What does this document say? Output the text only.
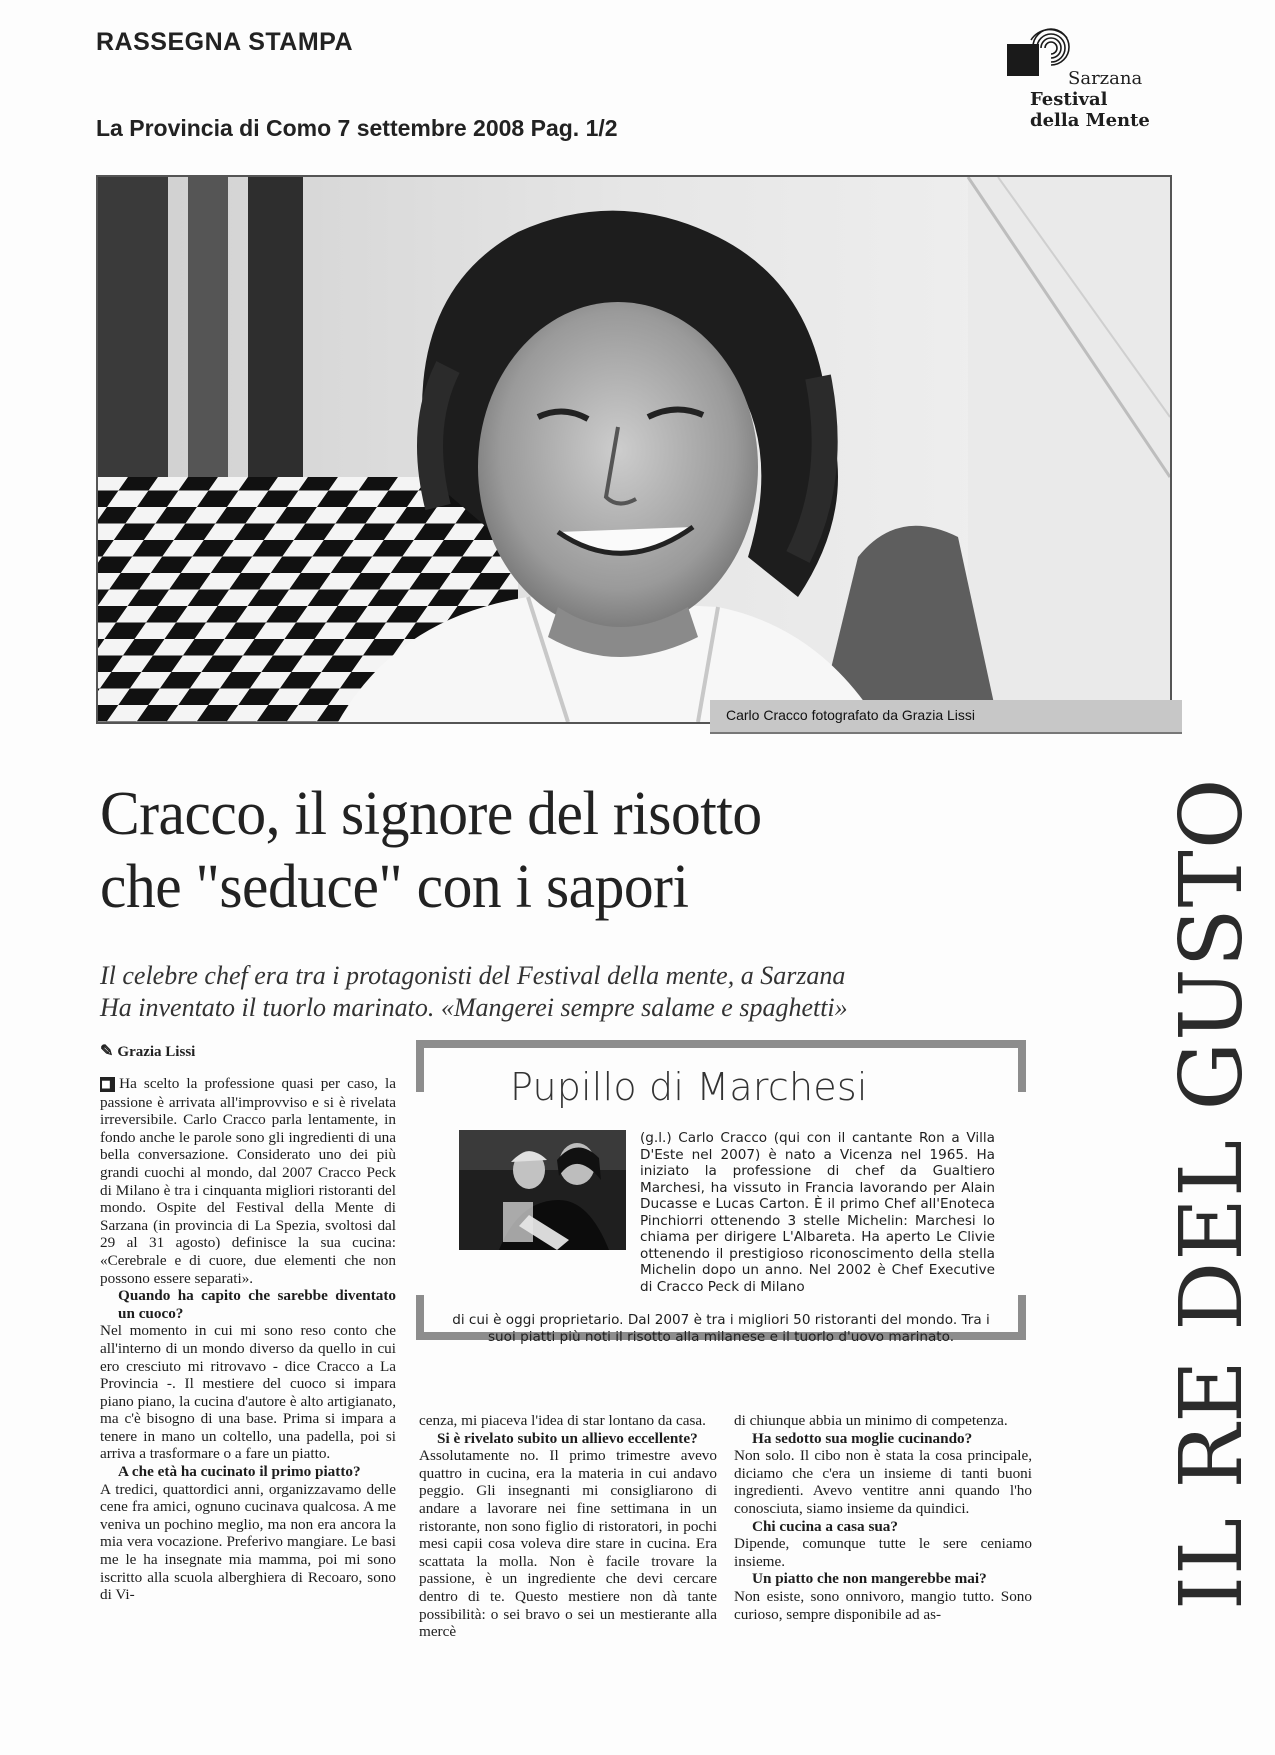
RASSEGNA STAMPA
La Provincia di Como 7 settembre 2008 Pag. 1/2
Sarzana
Festival
della Mente
Carlo Cracco fotografato da Grazia Lissi
Cracco, il signore del risotto
che "seduce" con i sapori
Il celebre chef era tra i protagonisti del Festival della mente, a Sarzana
Ha inventato il tuorlo marinato. «Mangerei sempre salame e spaghetti»	IL RE DEL GUSTO
✎ Grazia Lissi

■ Ha scelto la professione quasi per caso, la passione è arrivata all'improvviso e si è rivelata irreversibile. Carlo Cracco parla lentamente, in fondo anche le parole sono gli ingredienti di una bella conversazione. Considerato uno dei più grandi cuochi al mondo, dal 2007 Cracco Peck di Milano è tra i cinquanta migliori ristoranti del mondo. Ospite del Festival della Mente di Sarzana (in provincia di La Spezia, svoltosi dal 29 al 31 agosto) definisce la sua cucina: «Cerebrale e di cuore, due elementi che non possono essere separati».

Quando ha capito che sarebbe diventato un cuoco?

Nel momento in cui mi sono reso conto che all'interno di un mondo diverso da quello in cui ero cresciuto mi ritrovavo - dice Cracco a La Provincia -. Il mestiere del cuoco si impara piano piano, la cucina d'autore è alto artigianato, ma c'è bisogno di una base. Prima si impara a tenere in mano un coltello, una padella, poi si arriva a trasformare o a fare un piatto.

A che età ha cucinato il primo piatto?

A tredici, quattordici anni, organizzavamo delle cene fra amici, ognuno cucinava qualcosa. A me veniva un pochino meglio, ma non era ancora la mia vera vocazione. Preferivo mangiare. Le basi me le ha insegnate mia mamma, poi mi sono iscritto alla scuola alberghiera di Recoaro, sono di Vi-

cenza, mi piaceva l'idea di star lontano da casa.

Si è rivelato subito un allievo eccellente?

Assolutamente no. Il primo trimestre avevo quattro in cucina, era la materia in cui andavo peggio. Gli insegnanti mi consigliarono di andare a lavorare nei fine settimana in un ristorante, non sono figlio di ristoratori, in pochi mesi capii cosa voleva dire stare in cucina. Era scattata la molla. Non è facile trovare la passione, è un ingrediente che devi cercare dentro di te. Questo mestiere non dà tante possibilità: o sei bravo o sei un mestierante alla mercè

di chiunque abbia un minimo di competenza.

Ha sedotto sua moglie cucinando?

Non solo. Il cibo non è stata la cosa principale, diciamo che c'era un insieme di tanti buoni ingredienti. Avevo ventitre anni quando l'ho conosciuta, siamo insieme da quindici.

Chi cucina a casa sua?

Dipende, comunque tutte le sere ceniamo insieme.

Un piatto che non mangerebbe mai?

Non esiste, sono onnivoro, mangio tutto. Sono curioso, sempre disponibile ad as-

Pupillo di Marchesi
(g.l.) Carlo Cracco (qui con il cantante Ron a Villa D'Este nel 2007) è nato a Vicenza nel 1965. Ha iniziato la professione di chef da Gualtiero Marchesi, ha vissuto in Francia lavorando per Alain Ducasse e Lucas Carton. È il primo Chef all'Enoteca Pinchiorri ottenendo 3 stelle Michelin: Marchesi lo chiama per dirigere L'Albareta. Ha aperto Le Clivie ottenendo il prestigioso riconoscimento della stella Michelin dopo un anno. Nel 2002 è Chef Executive di Cracco Peck di Milano
di cui è oggi proprietario. Dal 2007 è tra i migliori 50 ristoranti del mondo. Tra i suoi piatti più noti il risotto alla milanese e il tuorlo d'uovo marinato.
